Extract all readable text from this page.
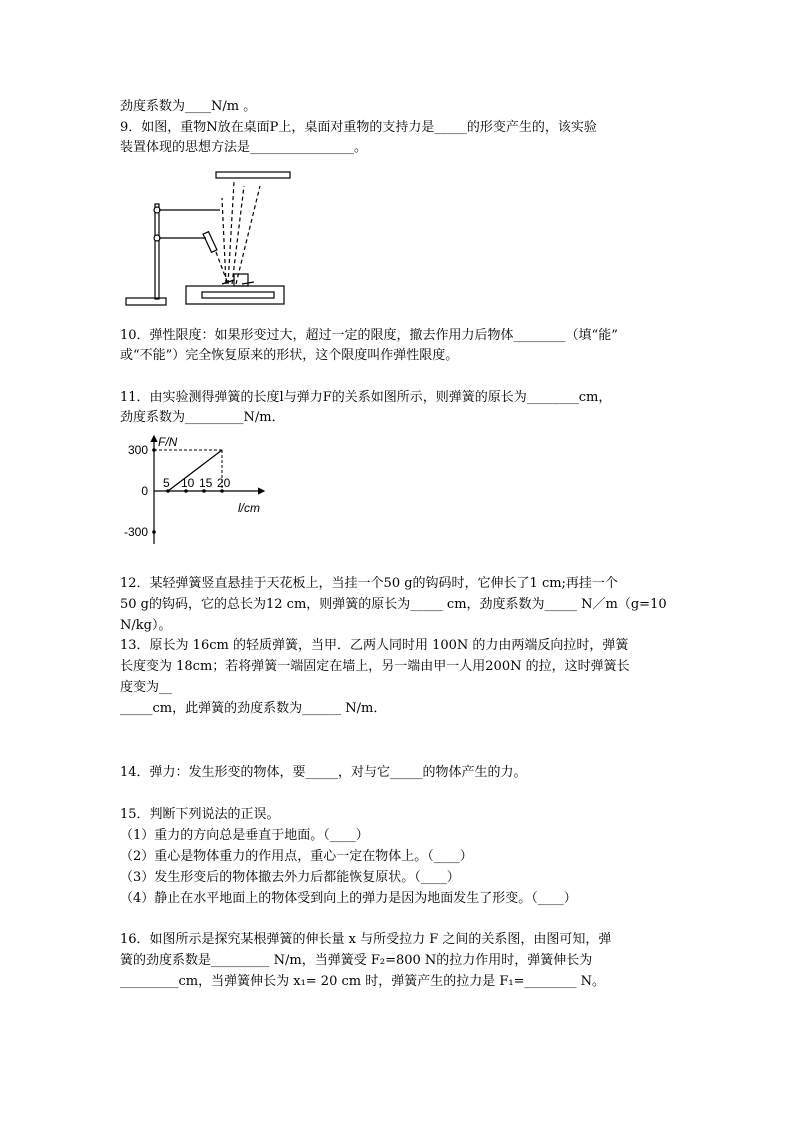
劲度系数为____N/m 。
9．如图，重物N放在桌面P上，桌面对重物的支持力是_____的形变产生的，该实验
装置体现的思想方法是________________。
10．弹性限度：如果形变过大，超过一定的限度，撤去作用力后物体________（填“能”
或“不能”）完全恢复原来的形状，这个限度叫作弹性限度。
11．由实验测得弹簧的长度l与弹力F的关系如图所示，则弹簧的原长为________cm，
劲度系数为_________N/m．
5 10 15 20
300
0
-300
F/N
l/cm
12．某轻弹簧竖直悬挂于天花板上，当挂一个50 g的钩码时，它伸长了1 cm;再挂一个
50 g的钩码，它的总长为12 cm，则弹簧的原长为_____ cm，劲度系数为_____ N／m（g=10
N/kg）。
13．原长为 16cm 的轻质弹簧，当甲．乙两人同时用 100N 的力由两端反向拉时，弹簧
长度变为 18cm；若将弹簧一端固定在墙上，另一端由甲一人用200N 的拉，这时弹簧长
度变为__
_____cm，此弹簧的劲度系数为______ N/m．
14．弹力：发生形变的物体，要_____，对与它_____的物体产生的力。
15．判断下列说法的正误。
（1）重力的方向总是垂直于地面。（____）
（2）重心是物体重力的作用点，重心一定在物体上。（____）
（3）发生形变后的物体撤去外力后都能恢复原状。（____）
（4）静止在水平地面上的物体受到向上的弹力是因为地面发生了形变。（____）
16．如图所示是探究某根弹簧的伸长量 x 与所受拉力 F 之间的关系图，由图可知，弹
簧的劲度系数是_________ N/m，当弹簧受 F₂=800 N的拉力作用时，弹簧伸长为
_________cm，当弹簧伸长为 x₁= 20 cm 时，弹簧产生的拉力是 F₁=________ N。
